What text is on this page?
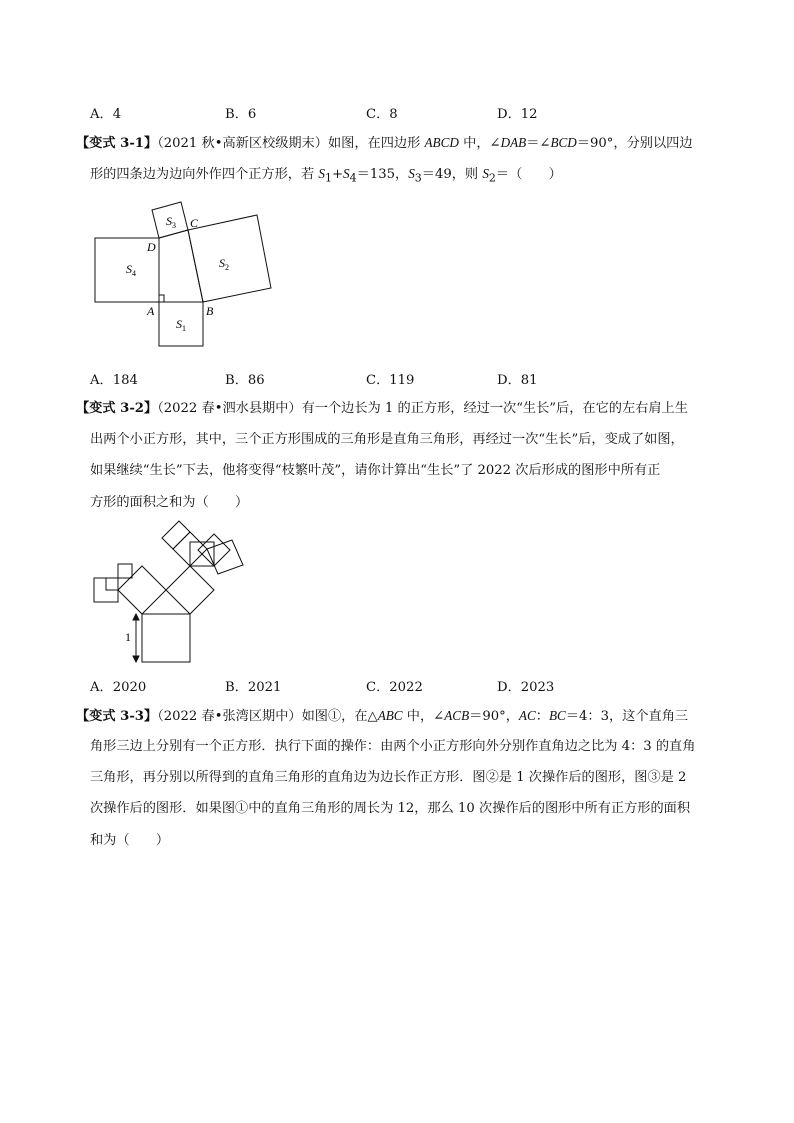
A．4	B．6	C．8	D．12
【变式 3-1】（2021 秋•高新区校级期末）如图，在四边形 ABCD 中，∠DAB＝∠BCD＝90°，分别以四边
形的四条边为边向外作四个正方形，若 $S_1+S_4=135$，$S_3=49$，则 $S_2=$（　　）
$S_3$ C
D
$S_4$
$S_2$
A	B
$S_1$
A．184	B．86	C．119	D．81
【变式 3-2】（2022 春•泗水县期中）有一个边长为 1 的正方形，经过一次“生长”后，在它的左右肩上生
出两个小正方形，其中，三个正方形围成的三角形是直角三角形，再经过一次“生长”后，变成了如图，
如果继续“生长”下去，他将变得“枝繁叶茂”，请你计算出“生长”了 2022 次后形成的图形中所有正
方形的面积之和为（　　）
1
A．2020	B．2021	C．2022	D．2023
【变式 3-3】（2022 春•张湾区期中）如图①，在△ABC 中，∠ACB＝90°，AC：BC＝4：3，这个直角三
角形三边上分别有一个正方形．执行下面的操作：由两个小正方形向外分别作直角边之比为 4：3 的直角
三角形，再分别以所得到的直角三角形的直角边为边长作正方形．图②是 1 次操作后的图形，图③是 2
次操作后的图形．如果图①中的直角三角形的周长为 12，那么 10 次操作后的图形中所有正方形的面积
和为（　　）
